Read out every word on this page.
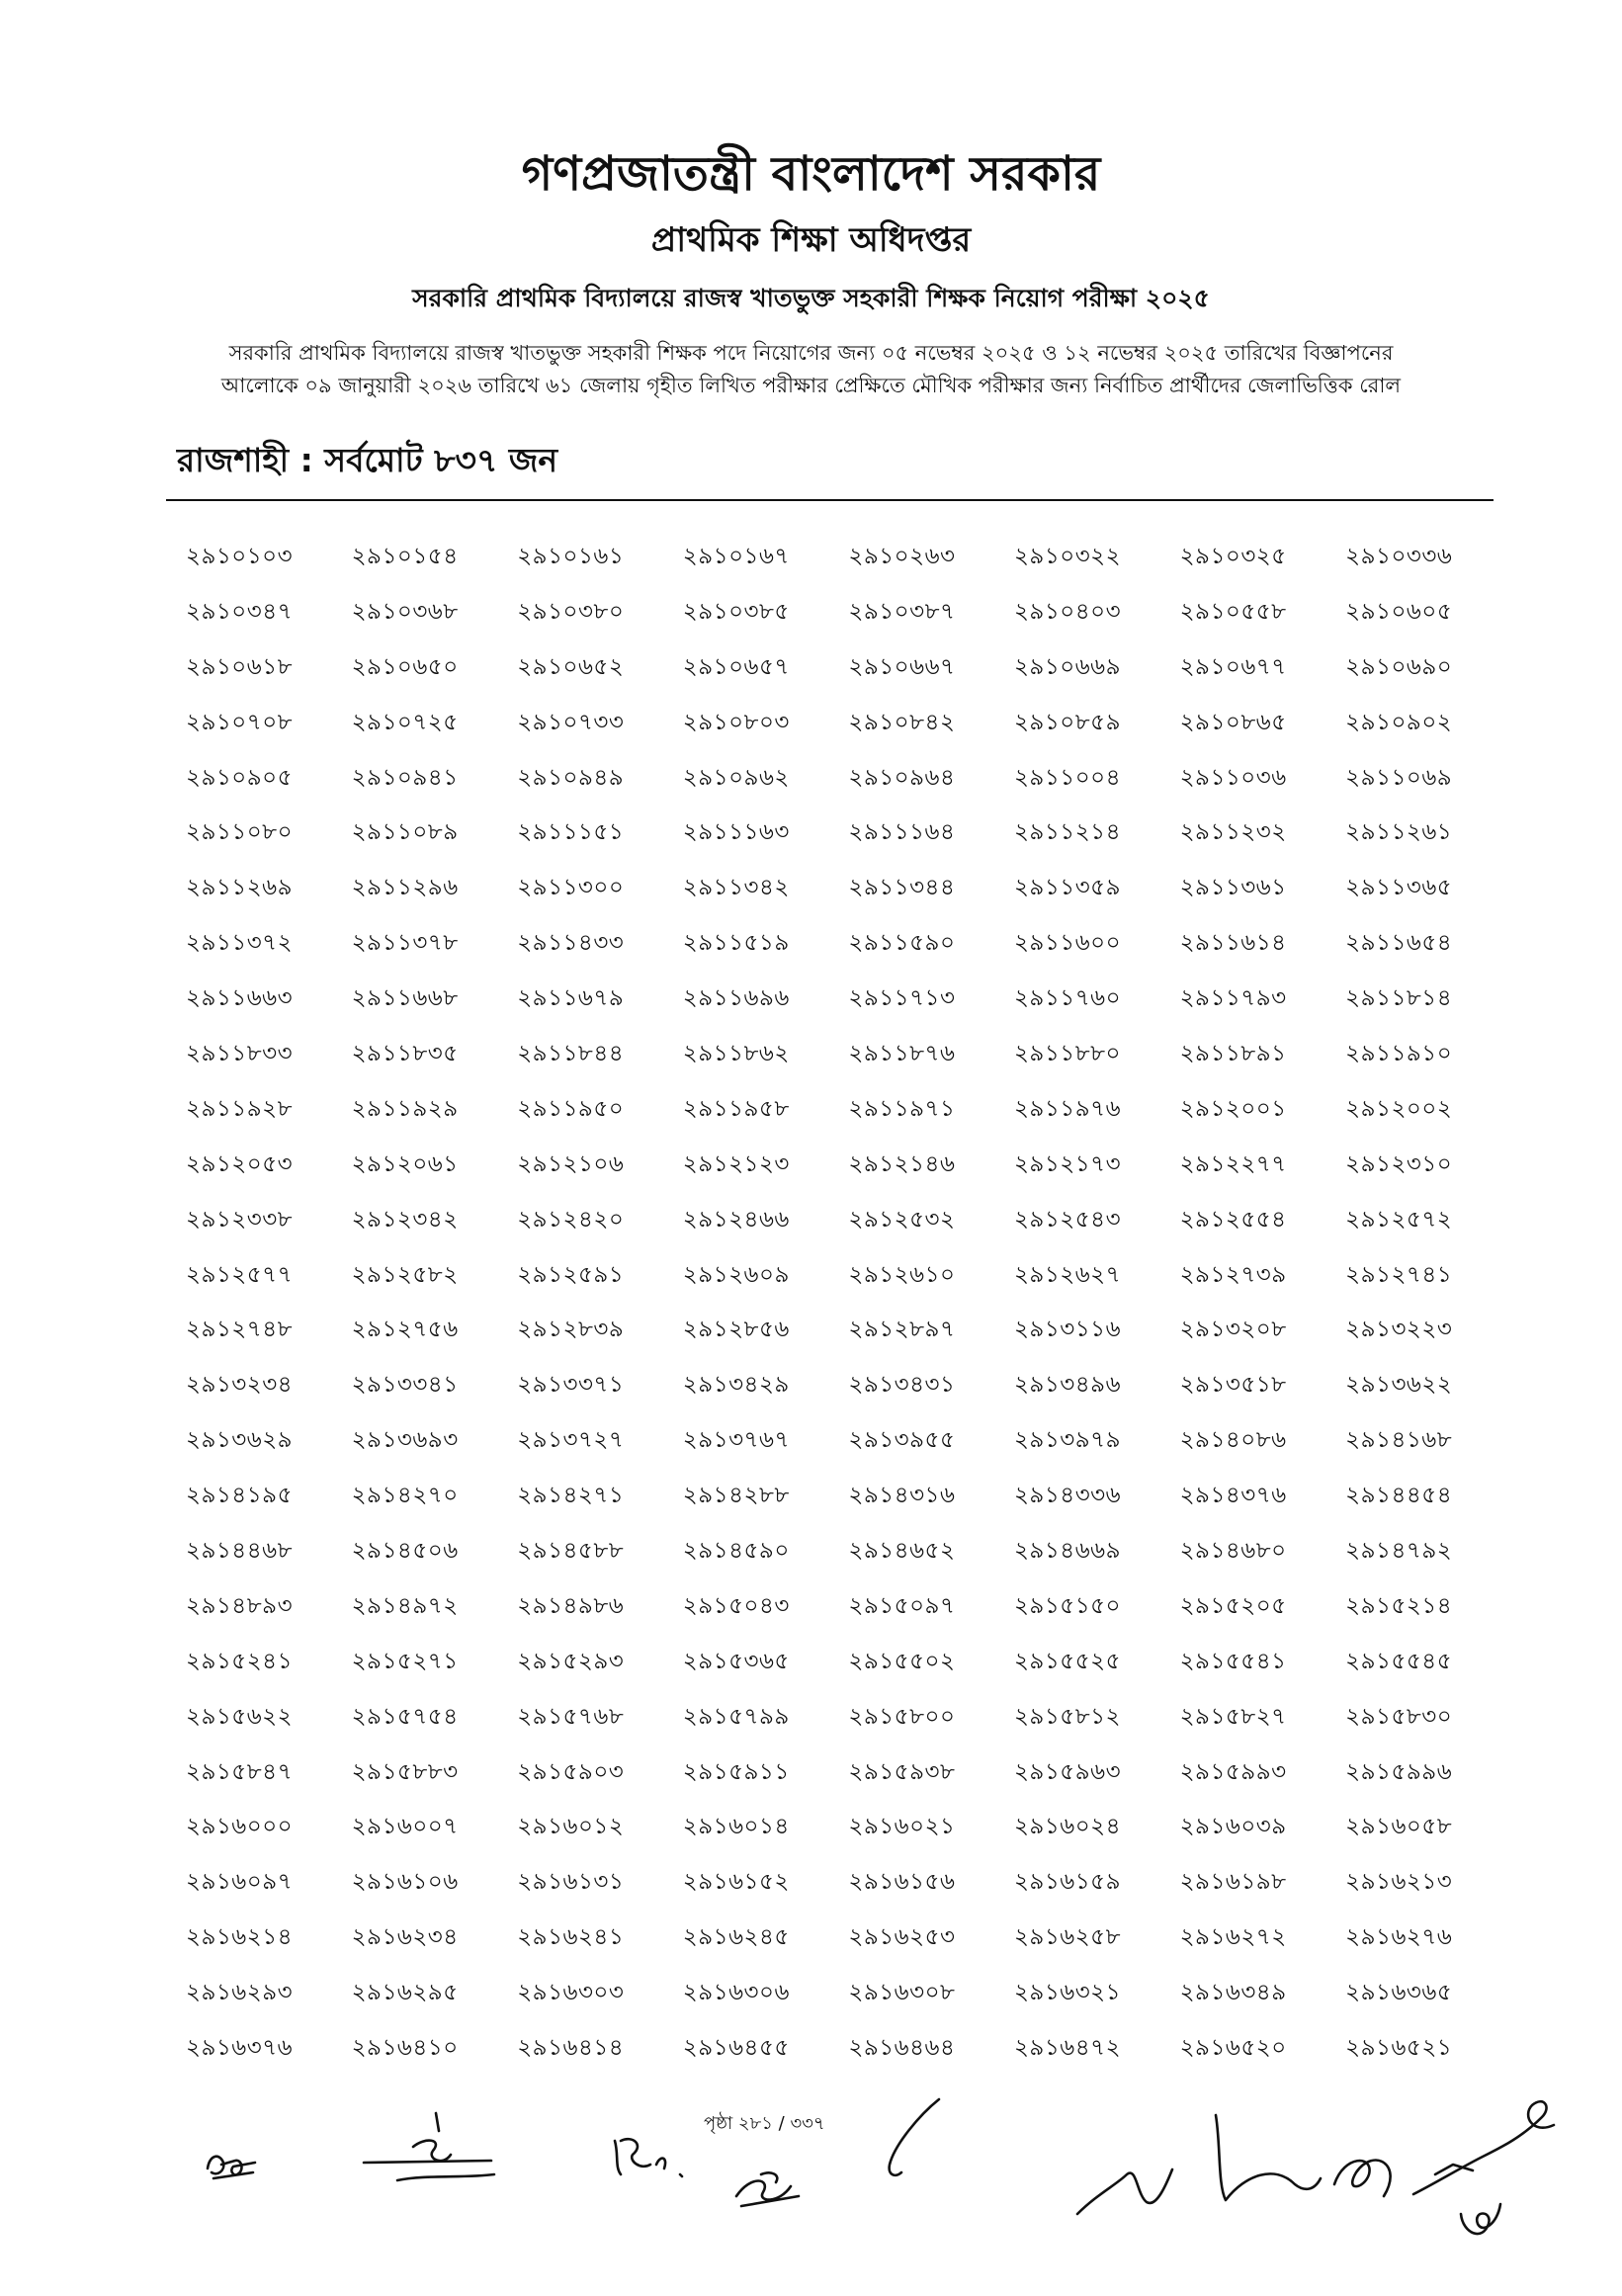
গণপ্রজাতন্ত্রী বাংলাদেশ সরকার
প্রাথমিক শিক্ষা অধিদপ্তর
সরকারি প্রাথমিক বিদ্যালয়ে রাজস্ব খাতভুক্ত সহকারী শিক্ষক নিয়োগ পরীক্ষা ২০২৫
সরকারি প্রাথমিক বিদ্যালয়ে রাজস্ব খাতভুক্ত সহকারী শিক্ষক পদে নিয়োগের জন্য ০৫ নভেম্বর ২০২৫ ও ১২ নভেম্বর ২০২৫ তারিখের বিজ্ঞাপনের
আলোকে ০৯ জানুয়ারী ২০২৬ তারিখে ৬১ জেলায় গৃহীত লিখিত পরীক্ষার প্রেক্ষিতে মৌখিক পরীক্ষার জন্য নির্বাচিত প্রার্থীদের জেলাভিত্তিক রোল
রাজশাহী : সর্বমোট ৮৩৭ জন
২৯১০১০৩	২৯১০১৫৪	২৯১০১৬১	২৯১০১৬৭	২৯১০২৬৩	২৯১০৩২২	২৯১০৩২৫	২৯১০৩৩৬
২৯১০৩৪৭	২৯১০৩৬৮	২৯১০৩৮০	২৯১০৩৮৫	২৯১০৩৮৭	২৯১০৪০৩	২৯১০৫৫৮	২৯১০৬০৫
২৯১০৬১৮	২৯১০৬৫০	২৯১০৬৫২	২৯১০৬৫৭	২৯১০৬৬৭	২৯১০৬৬৯	২৯১০৬৭৭	২৯১০৬৯০
২৯১০৭০৮	২৯১০৭২৫	২৯১০৭৩৩	২৯১০৮০৩	২৯১০৮৪২	২৯১০৮৫৯	২৯১০৮৬৫	২৯১০৯০২
২৯১০৯০৫	২৯১০৯৪১	২৯১০৯৪৯	২৯১০৯৬২	২৯১০৯৬৪	২৯১১০০৪	২৯১১০৩৬	২৯১১০৬৯
২৯১১০৮০	২৯১১০৮৯	২৯১১১৫১	২৯১১১৬৩	২৯১১১৬৪	২৯১১২১৪	২৯১১২৩২	২৯১১২৬১
২৯১১২৬৯	২৯১১২৯৬	২৯১১৩০০	২৯১১৩৪২	২৯১১৩৪৪	২৯১১৩৫৯	২৯১১৩৬১	২৯১১৩৬৫
২৯১১৩৭২	২৯১১৩৭৮	২৯১১৪৩৩	২৯১১৫১৯	২৯১১৫৯০	২৯১১৬০০	২৯১১৬১৪	২৯১১৬৫৪
২৯১১৬৬৩	২৯১১৬৬৮	২৯১১৬৭৯	২৯১১৬৯৬	২৯১১৭১৩	২৯১১৭৬০	২৯১১৭৯৩	২৯১১৮১৪
২৯১১৮৩৩	২৯১১৮৩৫	২৯১১৮৪৪	২৯১১৮৬২	২৯১১৮৭৬	২৯১১৮৮০	২৯১১৮৯১	২৯১১৯১০
২৯১১৯২৮	২৯১১৯২৯	২৯১১৯৫০	২৯১১৯৫৮	২৯১১৯৭১	২৯১১৯৭৬	২৯১২০০১	২৯১২০০২
২৯১২০৫৩	২৯১২০৬১	২৯১২১০৬	২৯১২১২৩	২৯১২১৪৬	২৯১২১৭৩	২৯১২২৭৭	২৯১২৩১০
২৯১২৩৩৮	২৯১২৩৪২	২৯১২৪২০	২৯১২৪৬৬	২৯১২৫৩২	২৯১২৫৪৩	২৯১২৫৫৪	২৯১২৫৭২
২৯১২৫৭৭	২৯১২৫৮২	২৯১২৫৯১	২৯১২৬০৯	২৯১২৬১০	২৯১২৬২৭	২৯১২৭৩৯	২৯১২৭৪১
২৯১২৭৪৮	২৯১২৭৫৬	২৯১২৮৩৯	২৯১২৮৫৬	২৯১২৮৯৭	২৯১৩১১৬	২৯১৩২০৮	২৯১৩২২৩
২৯১৩২৩৪	২৯১৩৩৪১	২৯১৩৩৭১	২৯১৩৪২৯	২৯১৩৪৩১	২৯১৩৪৯৬	২৯১৩৫১৮	২৯১৩৬২২
২৯১৩৬২৯	২৯১৩৬৯৩	২৯১৩৭২৭	২৯১৩৭৬৭	২৯১৩৯৫৫	২৯১৩৯৭৯	২৯১৪০৮৬	২৯১৪১৬৮
২৯১৪১৯৫	২৯১৪২৭০	২৯১৪২৭১	২৯১৪২৮৮	২৯১৪৩১৬	২৯১৪৩৩৬	২৯১৪৩৭৬	২৯১৪৪৫৪
২৯১৪৪৬৮	২৯১৪৫০৬	২৯১৪৫৮৮	২৯১৪৫৯০	২৯১৪৬৫২	২৯১৪৬৬৯	২৯১৪৬৮০	২৯১৪৭৯২
২৯১৪৮৯৩	২৯১৪৯৭২	২৯১৪৯৮৬	২৯১৫০৪৩	২৯১৫০৯৭	২৯১৫১৫০	২৯১৫২০৫	২৯১৫২১৪
২৯১৫২৪১	২৯১৫২৭১	২৯১৫২৯৩	২৯১৫৩৬৫	২৯১৫৫০২	২৯১৫৫২৫	২৯১৫৫৪১	২৯১৫৫৪৫
২৯১৫৬২২	২৯১৫৭৫৪	২৯১৫৭৬৮	২৯১৫৭৯৯	২৯১৫৮০০	২৯১৫৮১২	২৯১৫৮২৭	২৯১৫৮৩০
২৯১৫৮৪৭	২৯১৫৮৮৩	২৯১৫৯০৩	২৯১৫৯১১	২৯১৫৯৩৮	২৯১৫৯৬৩	২৯১৫৯৯৩	২৯১৫৯৯৬
২৯১৬০০০	২৯১৬০০৭	২৯১৬০১২	২৯১৬০১৪	২৯১৬০২১	২৯১৬০২৪	২৯১৬০৩৯	২৯১৬০৫৮
২৯১৬০৯৭	২৯১৬১০৬	২৯১৬১৩১	২৯১৬১৫২	২৯১৬১৫৬	২৯১৬১৫৯	২৯১৬১৯৮	২৯১৬২১৩
২৯১৬২১৪	২৯১৬২৩৪	২৯১৬২৪১	২৯১৬২৪৫	২৯১৬২৫৩	২৯১৬২৫৮	২৯১৬২৭২	২৯১৬২৭৬
২৯১৬২৯৩	২৯১৬২৯৫	২৯১৬৩০৩	২৯১৬৩০৬	২৯১৬৩০৮	২৯১৬৩২১	২৯১৬৩৪৯	২৯১৬৩৬৫
২৯১৬৩৭৬	২৯১৬৪১০	২৯১৬৪১৪	২৯১৬৪৫৫	২৯১৬৪৬৪	২৯১৬৪৭২	২৯১৬৫২০	২৯১৬৫২১
পৃষ্ঠা ২৮১ / ৩৩৭
